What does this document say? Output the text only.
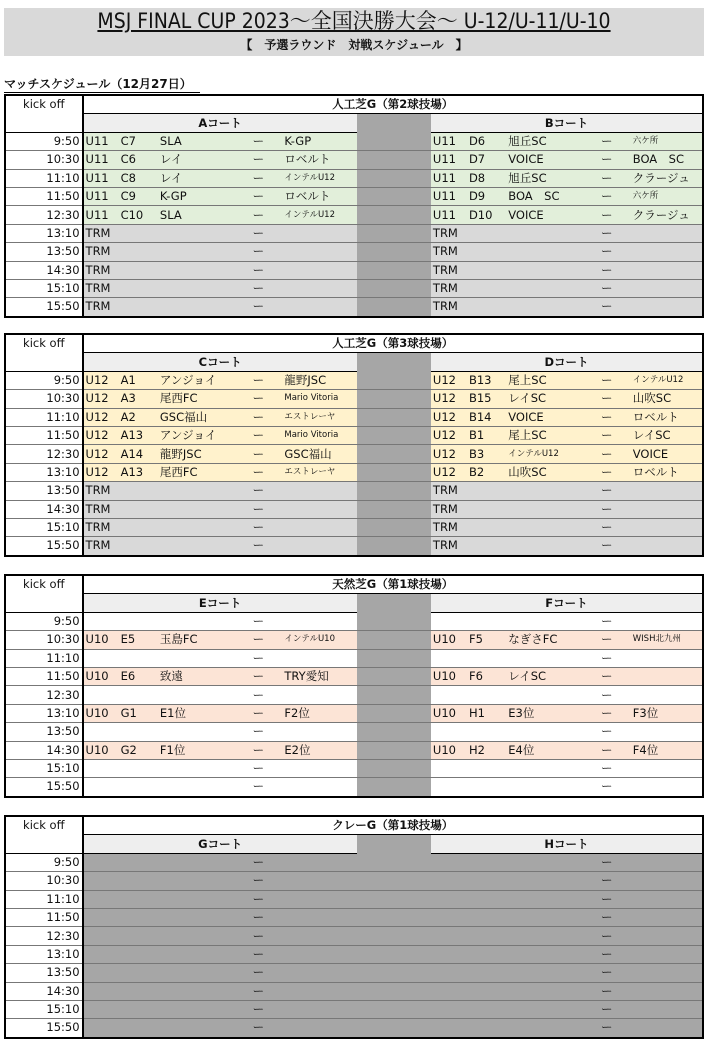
MSJ FINAL CUP 2023～全国決勝大会～ U-12/U-11/U-10
【　予選ラウンド　対戦スケジュール　】
マッチスケジュール（12月27日）
kick off	人工芝G（第2球技場）										
	Aコート						Bコート				
9:50	U11	C7	SLA	ー	K-GP		U11	D6	旭丘SC	ー	六ケ所
10:30	U11	C6	レイ	ー	ロベルト		U11	D7	VOICE	ー	BOA　SC
11:10	U11	C8	レイ	ー	インテルU12		U11	D8	旭丘SC	ー	クラージュ
11:50	U11	C9	K-GP	ー	ロベルト		U11	D9	BOA　SC	ー	六ケ所
12:30	U11	C10	SLA	ー	インテルU12		U11	D10	VOICE	ー	クラージュ
13:10	TRM			ー			TRM			ー	
13:50	TRM			ー			TRM			ー	
14:30	TRM			ー			TRM			ー	
15:10	TRM			ー			TRM			ー	
15:50	TRM			ー			TRM			ー	
kick off	人工芝G（第3球技場）										
	Cコート						Dコート				
9:50	U12	A1	アンジョイ	ー	龍野JSC		U12	B13	尾上SC	ー	インテルU12
10:30	U12	A3	尾西FC	ー	Mario Vitoria		U12	B15	レイSC	ー	山吹SC
11:10	U12	A2	GSC福山	ー	エストレーヤ		U12	B14	VOICE	ー	ロベルト
11:50	U12	A13	アンジョイ	ー	Mario Vitoria		U12	B1	尾上SC	ー	レイSC
12:30	U12	A14	龍野JSC	ー	GSC福山		U12	B3	インテルU12	ー	VOICE
13:10	U12	A13	尾西FC	ー	エストレーヤ		U12	B2	山吹SC	ー	ロベルト
13:50	TRM			ー			TRM			ー	
14:30	TRM			ー			TRM			ー	
15:10	TRM			ー			TRM			ー	
15:50	TRM			ー			TRM			ー	
kick off	天然芝G（第1球技場）										
	Eコート						Fコート				
9:50				ー						ー	
10:30	U10	E5	玉島FC	ー	インテルU10		U10	F5	なぎさFC	ー	WISH北九州
11:10				ー						ー	
11:50	U10	E6	致遠	ー	TRY愛知		U10	F6	レイSC	ー	
12:30				ー						ー	
13:10	U10	G1	E1位	ー	F2位		U10	H1	E3位	ー	F3位
13:50				ー						ー	
14:30	U10	G2	F1位	ー	E2位		U10	H2	E4位	ー	F4位
15:10				ー						ー	
15:50				ー						ー	
kick off	クレーG（第1球技場）										
	Gコート						Hコート				
9:50				ー						ー	
10:30				ー						ー	
11:10				ー						ー	
11:50				ー						ー	
12:30				ー						ー	
13:10				ー						ー	
13:50				ー						ー	
14:30				ー						ー	
15:10				ー						ー	
15:50				ー						ー	
